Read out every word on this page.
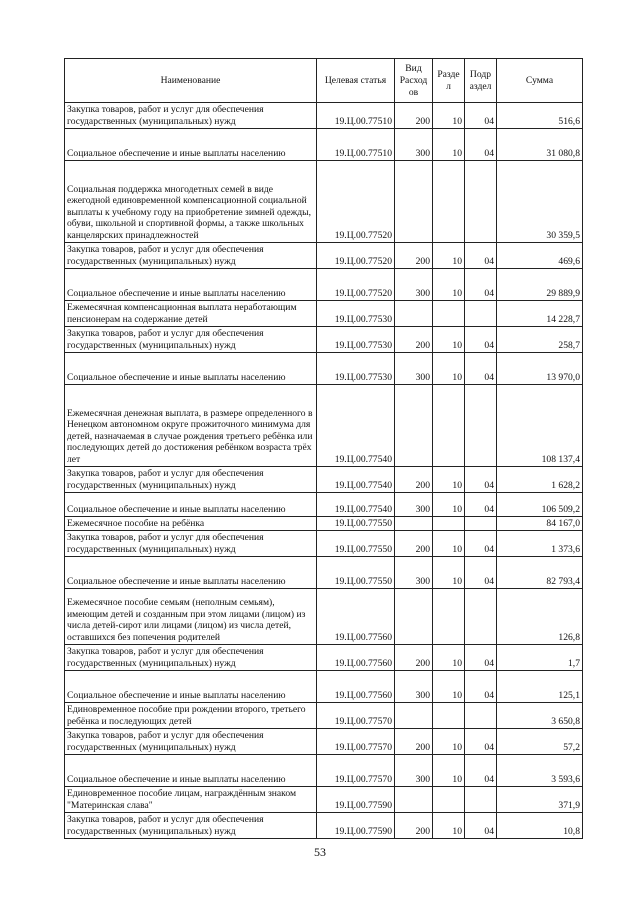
Наименование	Целевая статья	Вид Расход ов	Разде л	Подр аздел	Сумма
Закупка товаров, работ и услуг для обеспечения государственных (муниципальных) нужд	19.Ц.00.77510	200	10	04	516,6
Социальное обеспечение и иные выплаты населению	19.Ц.00.77510	300	10	04	31 080,8
Социальная поддержка многодетных семей в виде ежегодной единовременной компенсационной социальной выплаты к учебному году на приобретение зимней одежды, обуви, школьной и спортивной формы, а также школьных канцелярских принадлежностей	19.Ц.00.77520				30 359,5
Закупка товаров, работ и услуг для обеспечения государственных (муниципальных) нужд	19.Ц.00.77520	200	10	04	469,6
Социальное обеспечение и иные выплаты населению	19.Ц.00.77520	300	10	04	29 889,9
Ежемесячная компенсационная выплата неработающим пенсионерам на содержание детей	19.Ц.00.77530				14 228,7
Закупка товаров, работ и услуг для обеспечения государственных (муниципальных) нужд	19.Ц.00.77530	200	10	04	258,7
Социальное обеспечение и иные выплаты населению	19.Ц.00.77530	300	10	04	13 970,0
Ежемесячная денежная выплата, в размере определенного в Ненецком автономном округе прожиточного минимума для детей, назначаемая в случае рождения третьего ребёнка или последующих детей до достижения ребёнком возраста трёх лет	19.Ц.00.77540				108 137,4
Закупка товаров, работ и услуг для обеспечения государственных (муниципальных) нужд	19.Ц.00.77540	200	10	04	1 628,2
Социальное обеспечение и иные выплаты населению	19.Ц.00.77540	300	10	04	106 509,2
Ежемесячное пособие на ребёнка	19.Ц.00.77550				84 167,0
Закупка товаров, работ и услуг для обеспечения государственных (муниципальных) нужд	19.Ц.00.77550	200	10	04	1 373,6
Социальное обеспечение и иные выплаты населению	19.Ц.00.77550	300	10	04	82 793,4
Ежемесячное пособие семьям (неполным семьям), имеющим детей и созданным при этом лицами (лицом) из числа детей-сирот или лицами (лицом) из числа детей, оставшихся без попечения родителей	19.Ц.00.77560				126,8
Закупка товаров, работ и услуг для обеспечения государственных (муниципальных) нужд	19.Ц.00.77560	200	10	04	1,7
Социальное обеспечение и иные выплаты населению	19.Ц.00.77560	300	10	04	125,1
Единовременное пособие при рождении второго, третьего ребёнка и последующих детей	19.Ц.00.77570				3 650,8
Закупка товаров, работ и услуг для обеспечения государственных (муниципальных) нужд	19.Ц.00.77570	200	10	04	57,2
Социальное обеспечение и иные выплаты населению	19.Ц.00.77570	300	10	04	3 593,6
Единовременное пособие лицам, награждённым знаком "Материнская слава"	19.Ц.00.77590				371,9
Закупка товаров, работ и услуг для обеспечения государственных (муниципальных) нужд	19.Ц.00.77590	200	10	04	10,8
53
